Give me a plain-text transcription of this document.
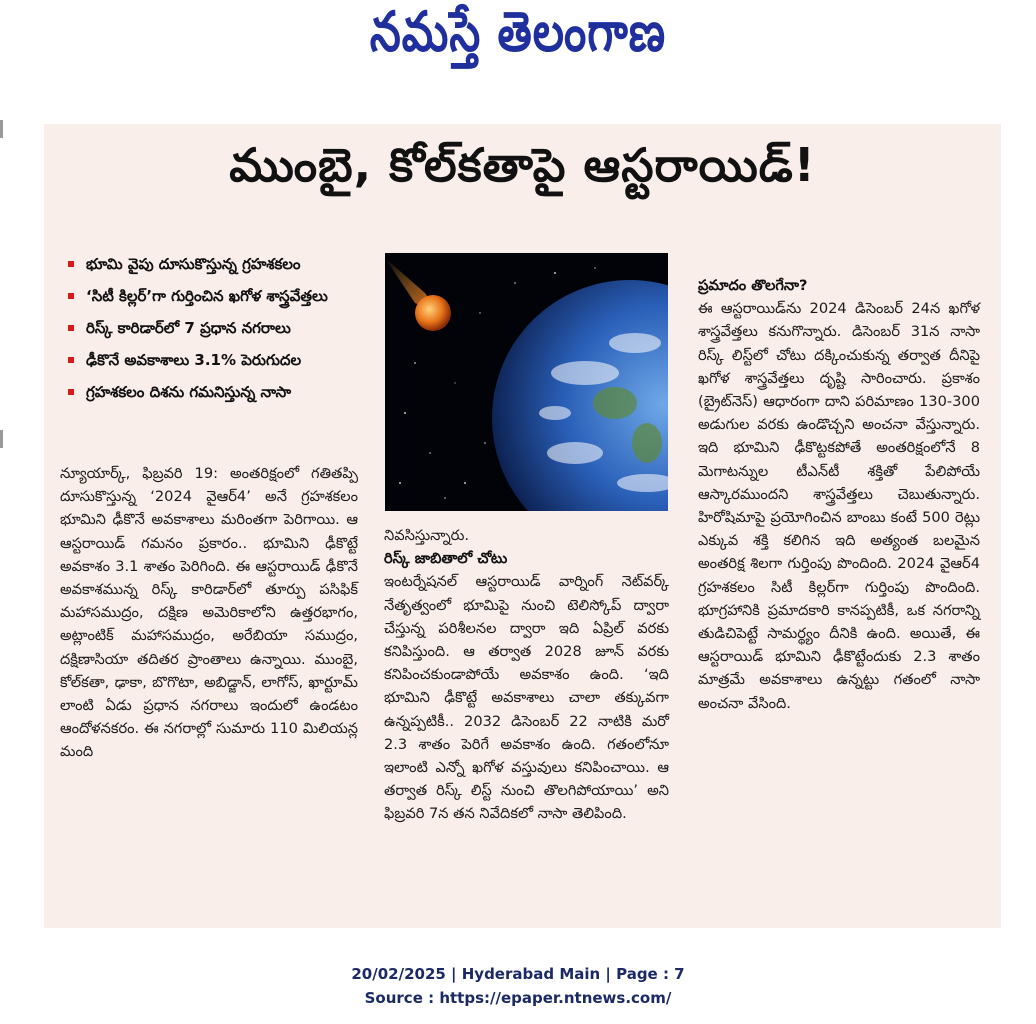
నమస్తే తెలంగాణ
ముంబై, కోల్‌కతాపై ఆస్టరాయిడ్!
భూమి వైపు దూసుకొస్తున్న గ్రహశకలం
‘సిటీ కిల్లర్’గా గుర్తించిన ఖగోళ శాస్త్రవేత్తలు
రిస్క్ కారిడార్‌లో 7 ప్రధాన నగరాలు
ఢీకొనే అవకాశాలు 3.1% పెరుగుదల
గ్రహశకలం దిశను గమనిస్తున్న నాసా

న్యూయార్క్, ఫిబ్రవరి 19: అంతరిక్షంలో గతితప్పి దూసుకొస్తున్న ‘2024 వైఆర్4’ అనే గ్రహశకలం భూమిని ఢీకొనే అవకాశాలు మరింతగా పెరిగాయి. ఆ ఆస్టరాయిడ్ గమనం ప్రకారం.. భూమిని ఢీకొట్టే అవకాశం 3.1 శాతం పెరిగింది. ఈ ఆస్టరాయిడ్ ఢీకొనే అవకాశమున్న రిస్క్ కారిడార్‌లో తూర్పు పసిఫిక్ మహాసముద్రం, దక్షిణ అమెరికాలోని ఉత్తరభాగం, అట్లాంటిక్ మహాసముద్రం, అరేబియా సముద్రం, దక్షిణాసియా తదితర ప్రాంతాలు ఉన్నాయి. ముంబై, కోల్‌కతా, ఢాకా, బొగొటా, అబిడ్జాన్, లాగోస్, ఖార్టూమ్ లాంటి ఏడు ప్రధాన నగరాలు ఇందులో ఉండటం ఆందోళనకరం. ఈ నగరాల్లో సుమారు 110 మిలియన్ల మంది

నివసిస్తున్నారు.

రిస్క్ జాబితాలో చోటు

ఇంటర్నేషనల్ ఆస్టరాయిడ్ వార్నింగ్ నెట్‌వర్క్ నేతృత్వంలో భూమిపై నుంచి టెలిస్కోప్ ద్వారా చేస్తున్న పరిశీలనల ద్వారా ఇది ఏప్రిల్ వరకు కనిపిస్తుంది. ఆ తర్వాత 2028 జూన్ వరకు కనిపించకుండాపోయే అవకాశం ఉంది. ‘ఇది భూమిని ఢీకొట్టే అవకాశాలు చాలా తక్కువగా ఉన్నప్పటికీ.. 2032 డిసెంబర్ 22 నాటికి మరో 2.3 శాతం పెరిగే అవకాశం ఉంది. గతంలోనూ ఇలాంటి ఎన్నో ఖగోళ వస్తువులు కనిపించాయి. ఆ తర్వాత రిస్క్ లిస్ట్ నుంచి తొలగిపోయాయి’ అని ఫిబ్రవరి 7న తన నివేదికలో నాసా తెలిపింది.

ప్రమాదం తొలగేనా?

ఈ ఆస్టరాయిడ్‌ను 2024 డిసెంబర్ 24న ఖగోళ శాస్త్రవేత్తలు కనుగొన్నారు. డిసెంబర్ 31న నాసా రిస్క్ లిస్ట్‌లో చోటు దక్కించుకున్న తర్వాత దీనిపై ఖగోళ శాస్త్రవేత్తలు దృష్టి సారించారు. ప్రకాశం (బ్రైట్‌నెస్) ఆధారంగా దాని పరిమాణం 130-300 అడుగుల వరకు ఉండొచ్చని అంచనా వేస్తున్నారు. ఇది భూమిని ఢీకొట్టకపోతే అంతరిక్షంలోనే 8 మెగాటన్నుల టీఎన్‌టీ శక్తితో పేలిపోయే ఆస్కారముందని శాస్త్రవేత్తలు చెబుతున్నారు. హిరోషిమాపై ప్రయోగించిన బాంబు కంటే 500 రెట్లు ఎక్కువ శక్తి కలిగిన ఇది అత్యంత బలమైన అంతరిక్ష శిలగా గుర్తింపు పొందింది. 2024 వైఆర్4 గ్రహశకలం సిటీ కిల్లర్‌గా గుర్తింపు పొందింది. భూగ్రహానికి ప్రమాదకారి కానప్పటికీ, ఒక నగరాన్ని తుడిచిపెట్టే సామర్థ్యం దీనికి ఉంది. అయితే, ఈ ఆస్టరాయిడ్ భూమిని ఢీకొట్టేందుకు 2.3 శాతం మాత్రమే అవకాశాలు ఉన్నట్టు గతంలో నాసా అంచనా వేసింది.

20/02/2025 | Hyderabad Main | Page : 7
Source : https://epaper.ntnews.com/
